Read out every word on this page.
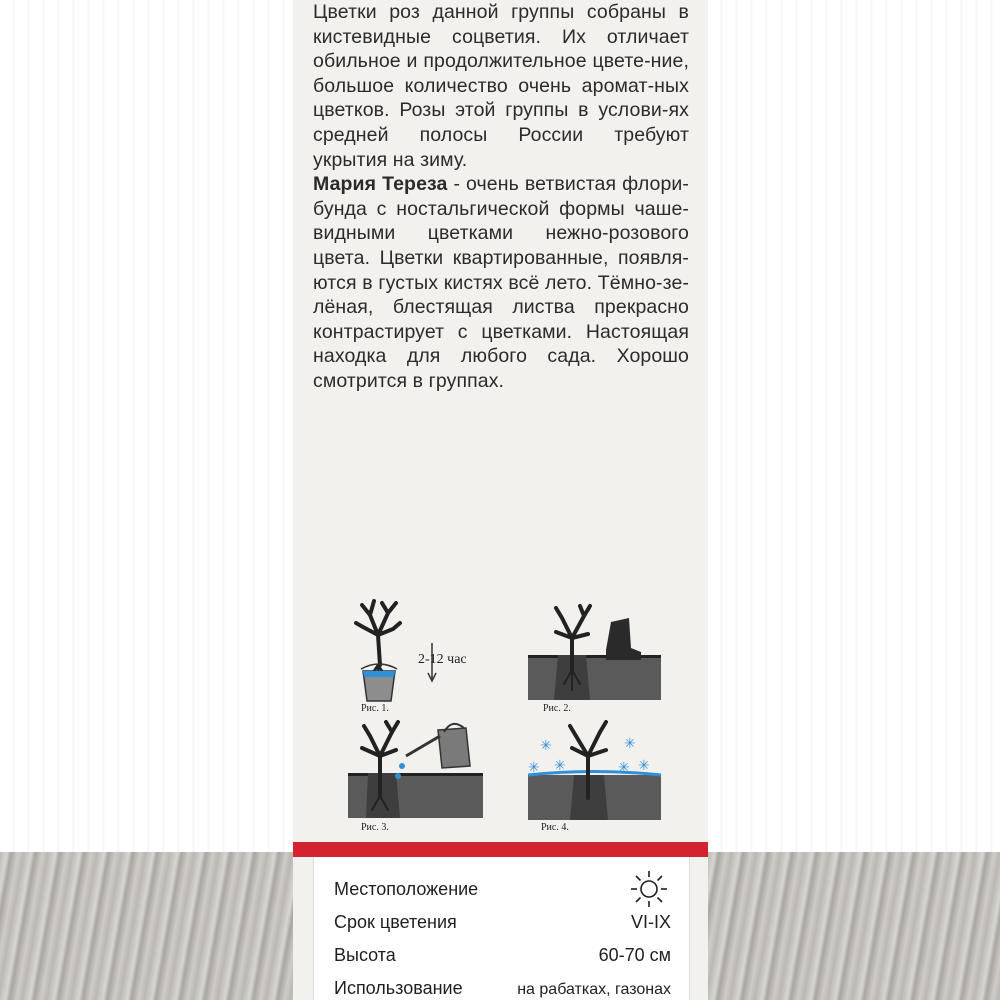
Цветки роз данной группы собраны в кистевидные соцветия. Их отличает обильное и продолжительное цвете-ние, большое количество очень аромат-ных цветков. Розы этой группы в услови-ях средней полосы России требуют укрытия на зиму.

Мария Тереза - очень ветвистая флори-бунда с ностальгической формы чаше-видными цветками нежно-розового цвета. Цветки квартированные, появля-ются в густых кистях всё лето. Тёмно-зе-лёная, блестящая листва прекрасно контрастирует с цветками. Настоящая находка для любого сада. Хорошо смотрится в группах.

2-12 час
Рис. 1.	Рис. 2.
Рис. 3.
✳
✳ ✳
✳
✳
✳
Рис. 4.
Местоположение
Срок цветения	VI-IX
Высота	60-70 см
Использование	на рабатках, газонах
